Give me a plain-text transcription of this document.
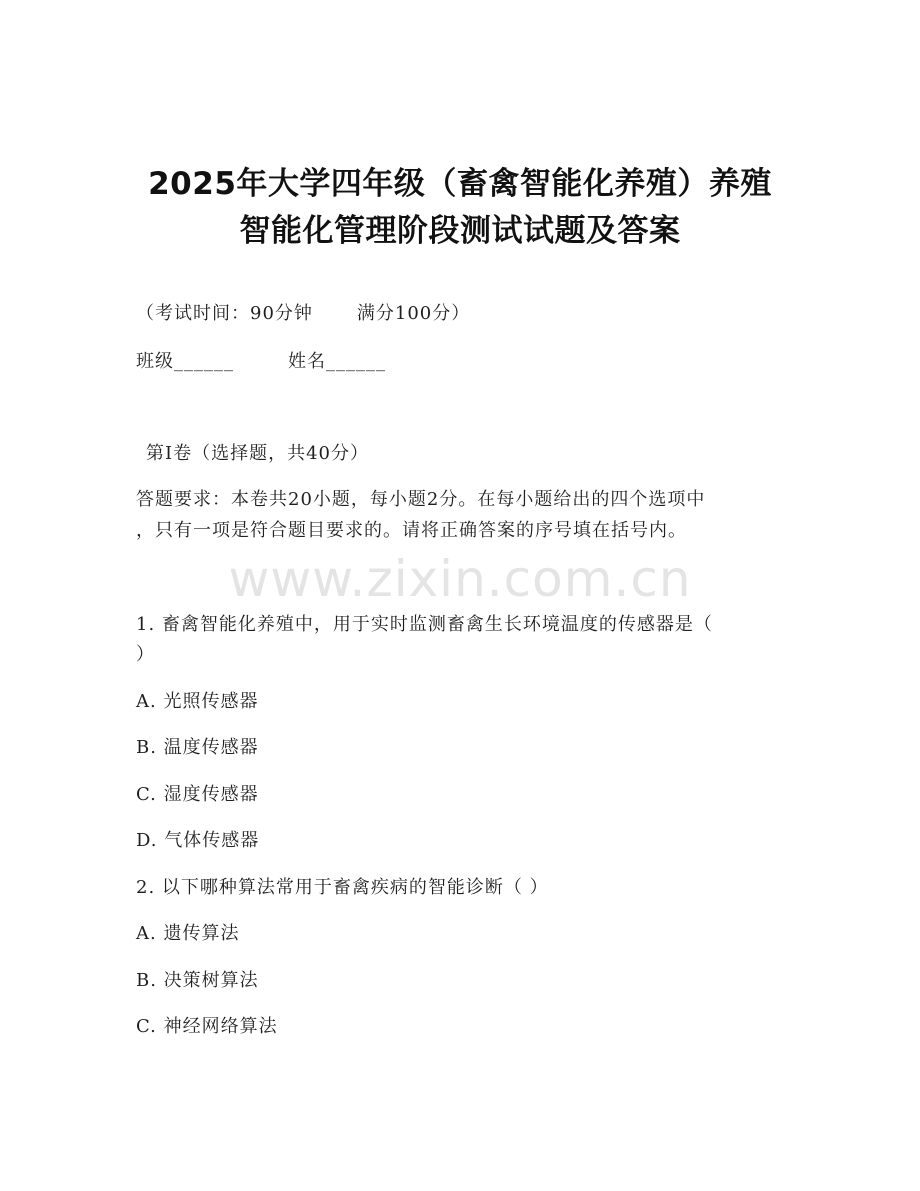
2025年大学四年级（畜禽智能化养殖）养殖
智能化管理阶段测试试题及答案
（考试时间：90分钟 满分100分）
班级______	姓名______
第Ⅰ卷（选择题，共40分）
答题要求：本卷共20小题，每小题2分。在每小题给出的四个选项中
，只有一项是符合题目要求的。请将正确答案的序号填在括号内。
www.zixin.com.cn
1. 畜禽智能化养殖中，用于实时监测畜禽生长环境温度的传感器是（
）
A. 光照传感器
B. 温度传感器
C. 湿度传感器
D. 气体传感器
2. 以下哪种算法常用于畜禽疾病的智能诊断（ ）
A. 遗传算法
B. 决策树算法
C. 神经网络算法
